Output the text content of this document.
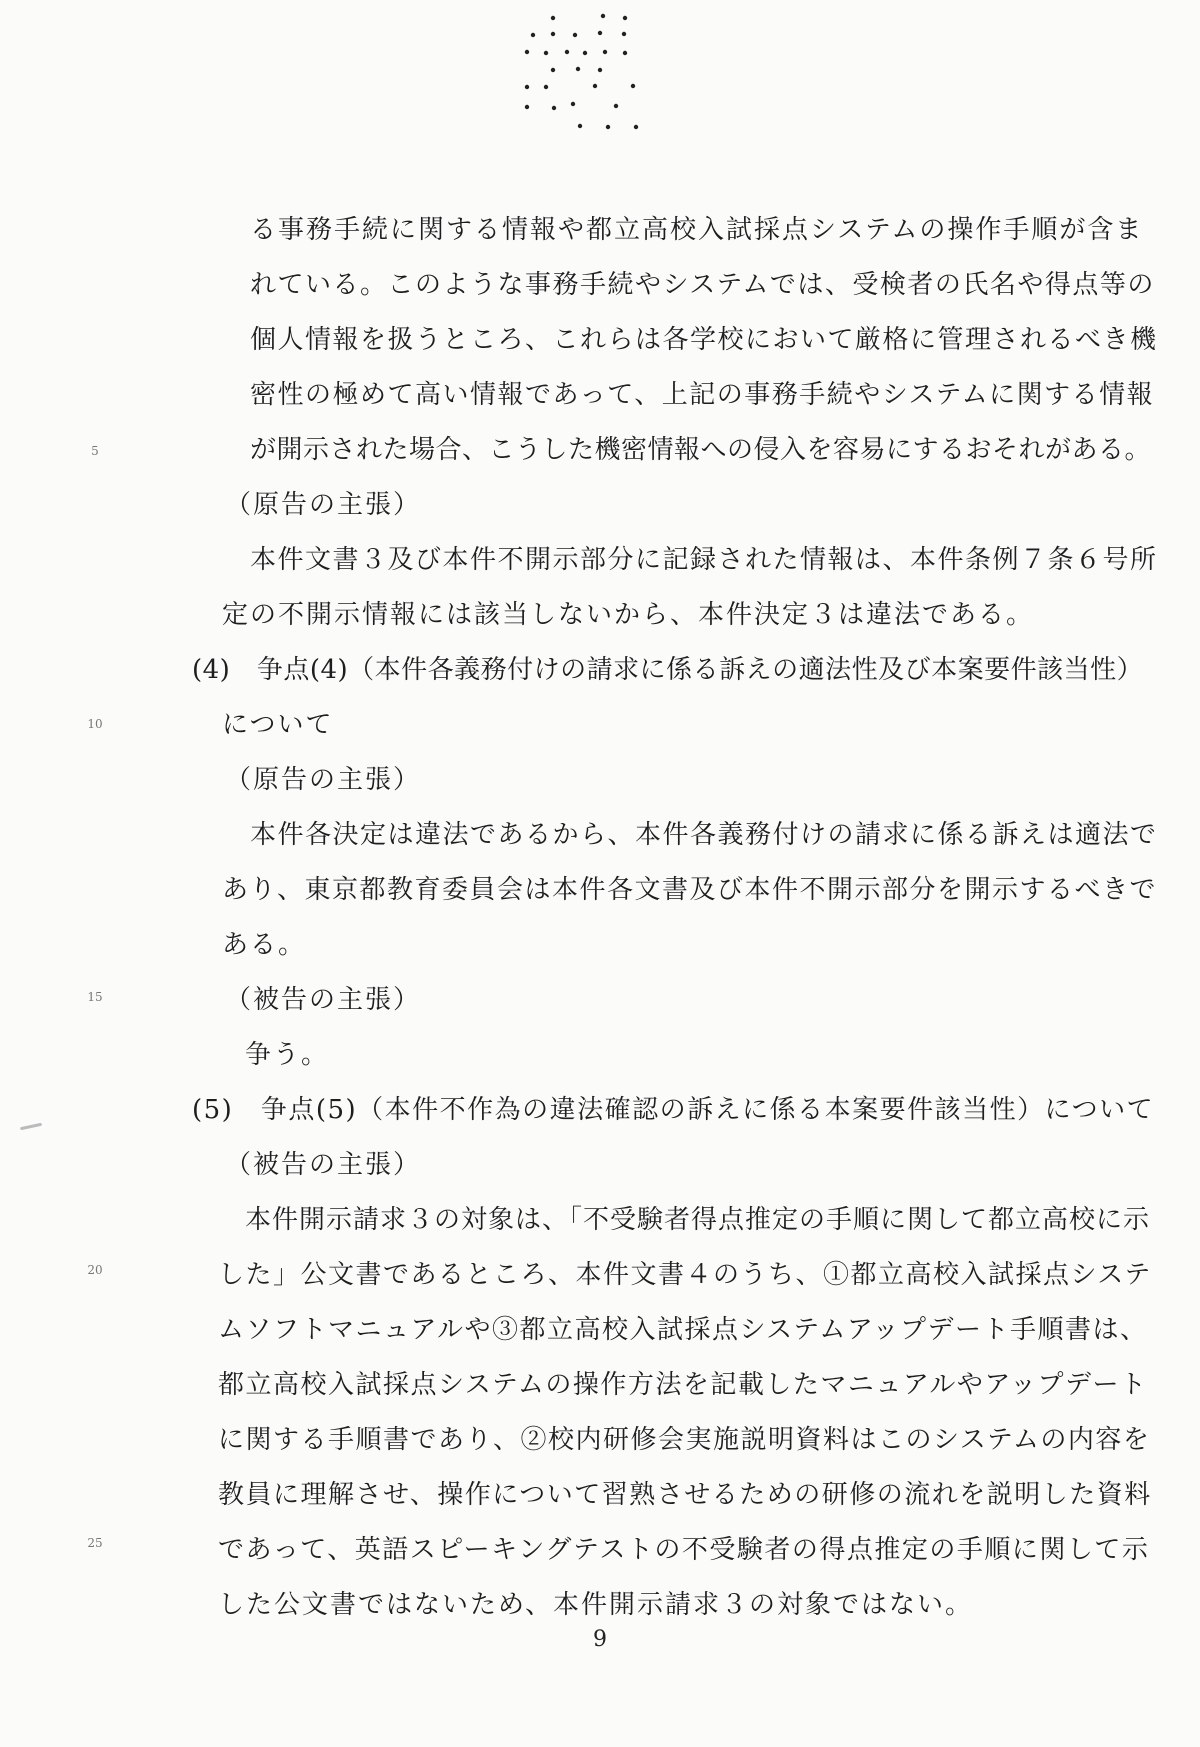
5
10
15
20
25
る事務手続に関する情報や都立高校入試採点システムの操作手順が含ま
れている。このような事務手続やシステムでは、受検者の氏名や得点等の
個人情報を扱うところ、これらは各学校において厳格に管理されるべき機
密性の極めて高い情報であって、上記の事務手続やシステムに関する情報
が開示された場合、こうした機密情報への侵入を容易にするおそれがある。
（原告の主張）
本件文書３及び本件不開示部分に記録された情報は、本件条例７条６号所
定の不開示情報には該当しないから、本件決定３は違法である。
(4)　争点(4)（本件各義務付けの請求に係る訴えの適法性及び本案要件該当性）
について
（原告の主張）
本件各決定は違法であるから、本件各義務付けの請求に係る訴えは適法で
あり、東京都教育委員会は本件各文書及び本件不開示部分を開示するべきで
ある。
（被告の主張）
争う。
(5)　争点(5)（本件不作為の違法確認の訴えに係る本案要件該当性）について
（被告の主張）
本件開示請求３の対象は、「不受験者得点推定の手順に関して都立高校に示
した」公文書であるところ、本件文書４のうち、①都立高校入試採点システ
ムソフトマニュアルや③都立高校入試採点システムアップデート手順書は、
都立高校入試採点システムの操作方法を記載したマニュアルやアップデート
に関する手順書であり、②校内研修会実施説明資料はこのシステムの内容を
教員に理解させ、操作について習熟させるための研修の流れを説明した資料
であって、英語スピーキングテストの不受験者の得点推定の手順に関して示
した公文書ではないため、本件開示請求３の対象ではない。
9
